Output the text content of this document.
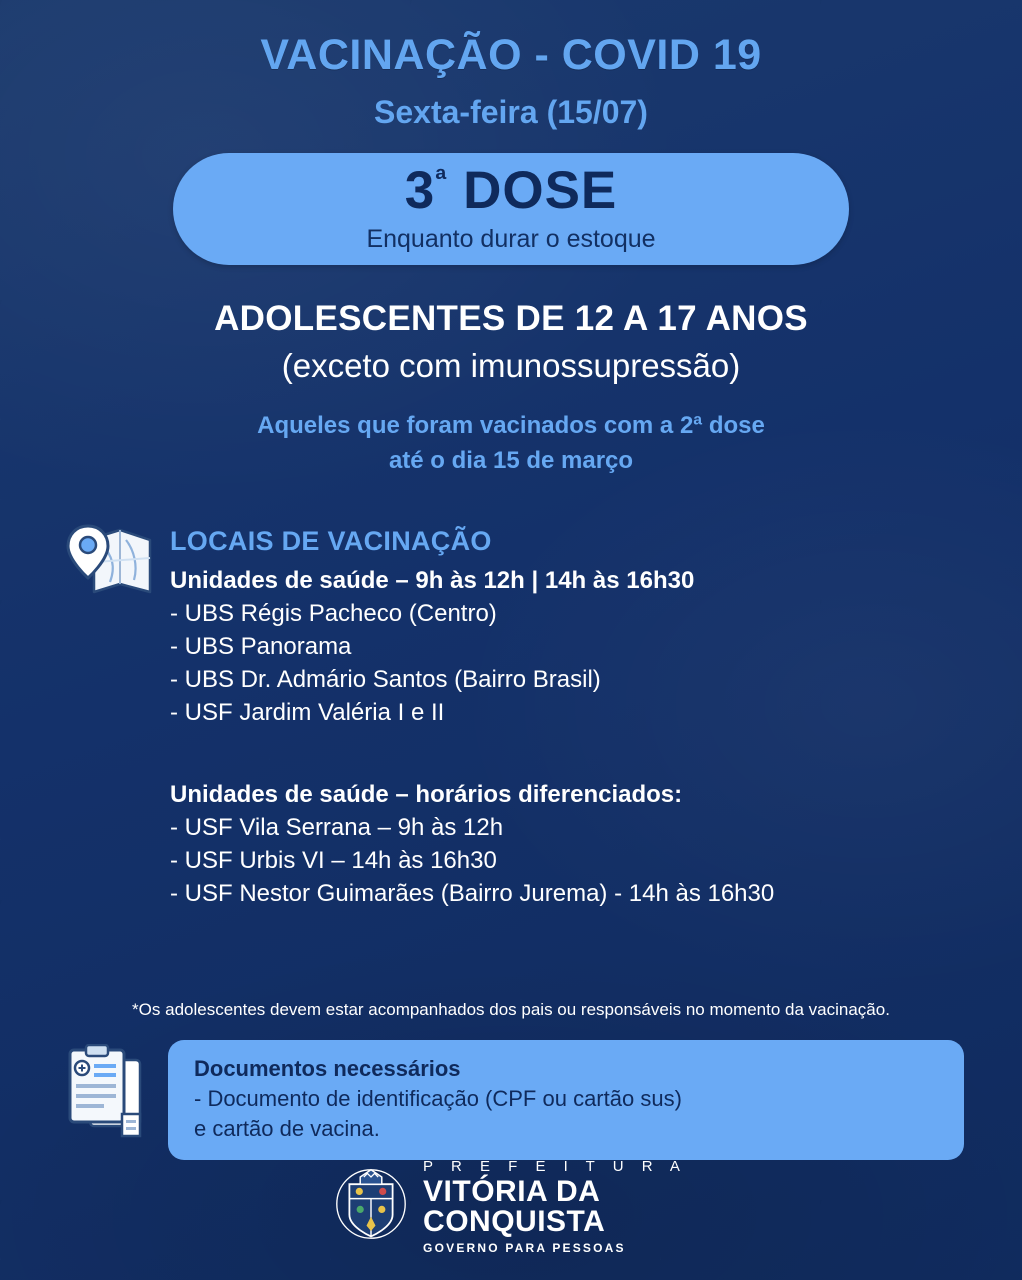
VACINAÇÃO - COVID 19
Sexta-feira (15/07)
$3^ª$ DOSE
Enquanto durar o estoque
ADOLESCENTES DE 12 A 17 ANOS
(exceto com imunossupressão)
Aqueles que foram vacinados com a 2ª dose
até o dia 15 de março
LOCAIS DE VACINAÇÃO
Unidades de saúde – 9h às 12h | 14h às 16h30
- UBS Régis Pacheco (Centro)
- UBS Panorama
- UBS Dr. Admário Santos (Bairro Brasil)
- USF Jardim Valéria I e II
Unidades de saúde – horários diferenciados:
- USF Vila Serrana – 9h às 12h
- USF Urbis VI – 14h às 16h30
- USF Nestor Guimarães (Bairro Jurema) - 14h às 16h30
*Os adolescentes devem estar acompanhados dos pais ou responsáveis no momento da vacinação.
Documentos necessários
- Documento de identificação (CPF ou cartão sus)
e cartão de vacina.
P R E F E I T U R A
VITÓRIA DA
CONQUISTA
GOVERNO PARA PESSOAS
